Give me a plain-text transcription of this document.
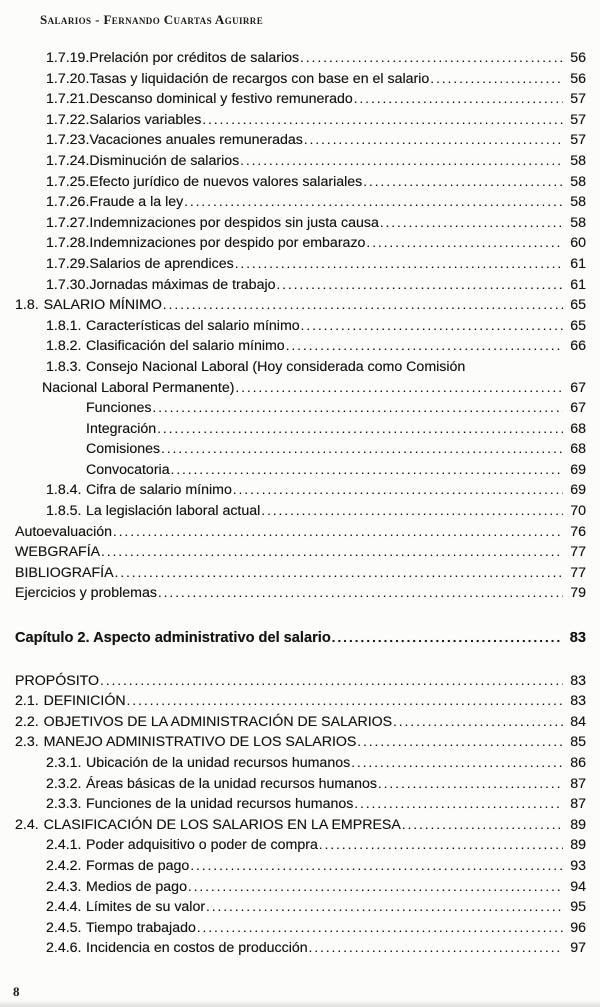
Salarios - Fernando Cuartas Aguirre
1.7.19. Prelación por créditos de salarios .....	56
1.7.20. Tasas y liquidación de recargos con base en el salario .....	56
1.7.21. Descanso dominical y festivo remunerado .....	57
1.7.22. Salarios variables .....	57
1.7.23. Vacaciones anuales remuneradas .....	57
1.7.24. Disminución de salarios .....	58
1.7.25. Efecto jurídico de nuevos valores salariales .....	58
1.7.26. Fraude a la ley .....	58
1.7.27. Indemnizaciones por despidos sin justa causa .....	58
1.7.28. Indemnizaciones por despido por embarazo .....	60
1.7.29. Salarios de aprendices .....	61
1.7.30. Jornadas máximas de trabajo .....	61
1.8. SALARIO MÍNIMO .....	65
1.8.1. Características del salario mínimo .....	65
1.8.2. Clasificación del salario mínimo .....	66
1.8.3. Consejo Nacional Laboral (Hoy considerada como Comisión
Nacional Laboral Permanente) .....	67
Funciones .....	67
Integración .....	68
Comisiones .....	68
Convocatoria .....	69
1.8.4. Cifra de salario mínimo .....	69
1.8.5. La legislación laboral actual .....	70
Autoevaluación .....	76
WEBGRAFÍA .....	77
BIBLIOGRAFÍA .....	77
Ejercicios y problemas .....	79
Capítulo 2. Aspecto administrativo del salario .....	83
PROPÓSITO .....	83
2.1. DEFINICIÓN .....	83
2.2. OBJETIVOS DE LA ADMINISTRACIÓN DE SALARIOS .....	84
2.3. MANEJO ADMINISTRATIVO DE LOS SALARIOS .....	85
2.3.1. Ubicación de la unidad recursos humanos .....	86
2.3.2. Áreas básicas de la unidad recursos humanos .....	87
2.3.3. Funciones de la unidad recursos humanos .....	87
2.4. CLASIFICACIÓN DE LOS SALARIOS EN LA EMPRESA .....	89
2.4.1. Poder adquisitivo o poder de compra .....	89
2.4.2. Formas de pago .....	93
2.4.3. Medios de pago .....	94
2.4.4. Límites de su valor .....	95
2.4.5. Tiempo trabajado .....	96
2.4.6. Incidencia en costos de producción .....	97
8
